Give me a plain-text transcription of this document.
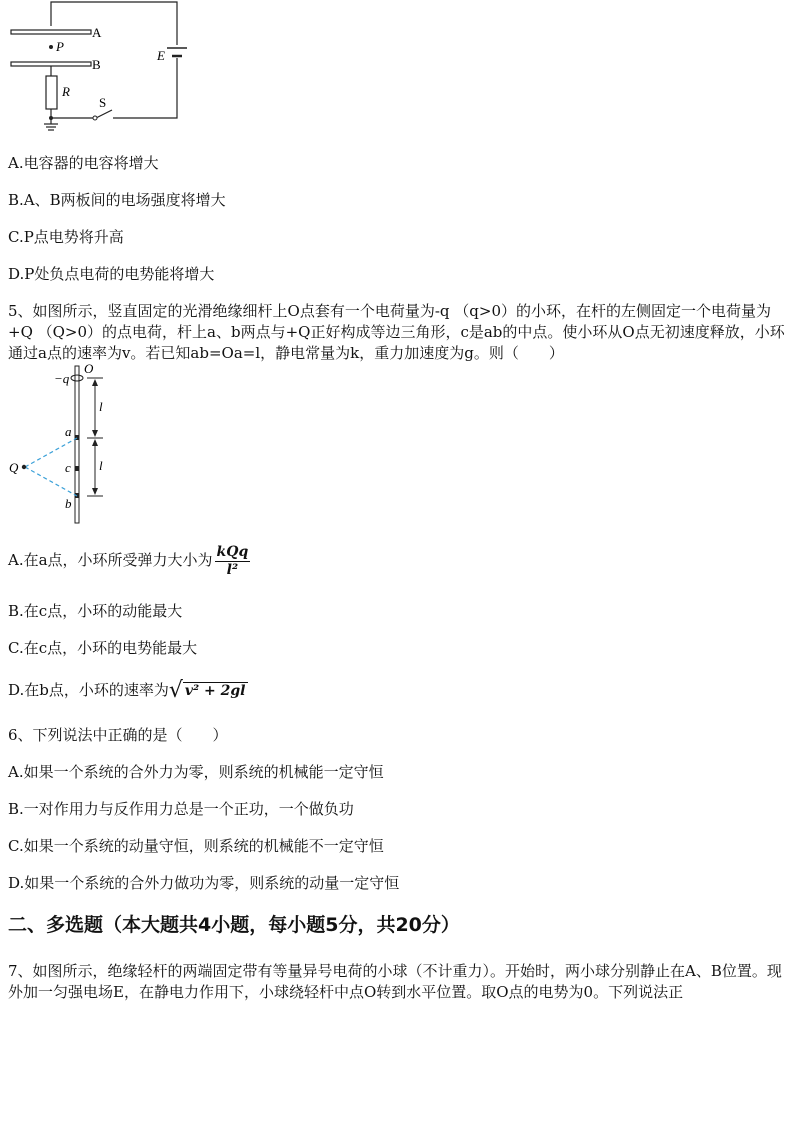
A
B
P
R
S
E
A.电容器的电容将增大
B.A、B两板间的电场强度将增大
C.P点电势将升高
D.P处负点电荷的电势能将增大
5、如图所示，竖直固定的光滑绝缘细杆上O点套有一个电荷量为-q （q>0）的小环，在杆的左侧固定一个电荷量为+Q （Q>0）的点电荷，杆上a、b两点与+Q正好构成等边三角形，c是ab的中点。使小环从O点无初速度释放，小环通过a点的速率为v。若已知ab=Oa=l，静电常量为k，重力加速度为g。则（　　）
−q
O
l
l
a
c
b
Q
A.在a点，小环所受弹力大小为 $\frac{\text{kQq}}{\text{l²}}$
B.在c点，小环的动能最大
C.在c点，小环的电势能最大
D.在b点，小环的速率为√ v² + 2gl
6、下列说法中正确的是（　　）
A.如果一个系统的合外力为零，则系统的机械能一定守恒
B.一对作用力与反作用力总是一个正功，一个做负功
C.如果一个系统的动量守恒，则系统的机械能不一定守恒
D.如果一个系统的合外力做功为零，则系统的动量一定守恒
二、多选题（本大题共4小题，每小题5分，共20分）
7、如图所示，绝缘轻杆的两端固定带有等量异号电荷的小球（不计重力）。开始时，两小球分别静止在A、B位置。现外加一匀强电场E，在静电力作用下，小球绕轻杆中点O转到水平位置。取O点的电势为0。下列说法正
